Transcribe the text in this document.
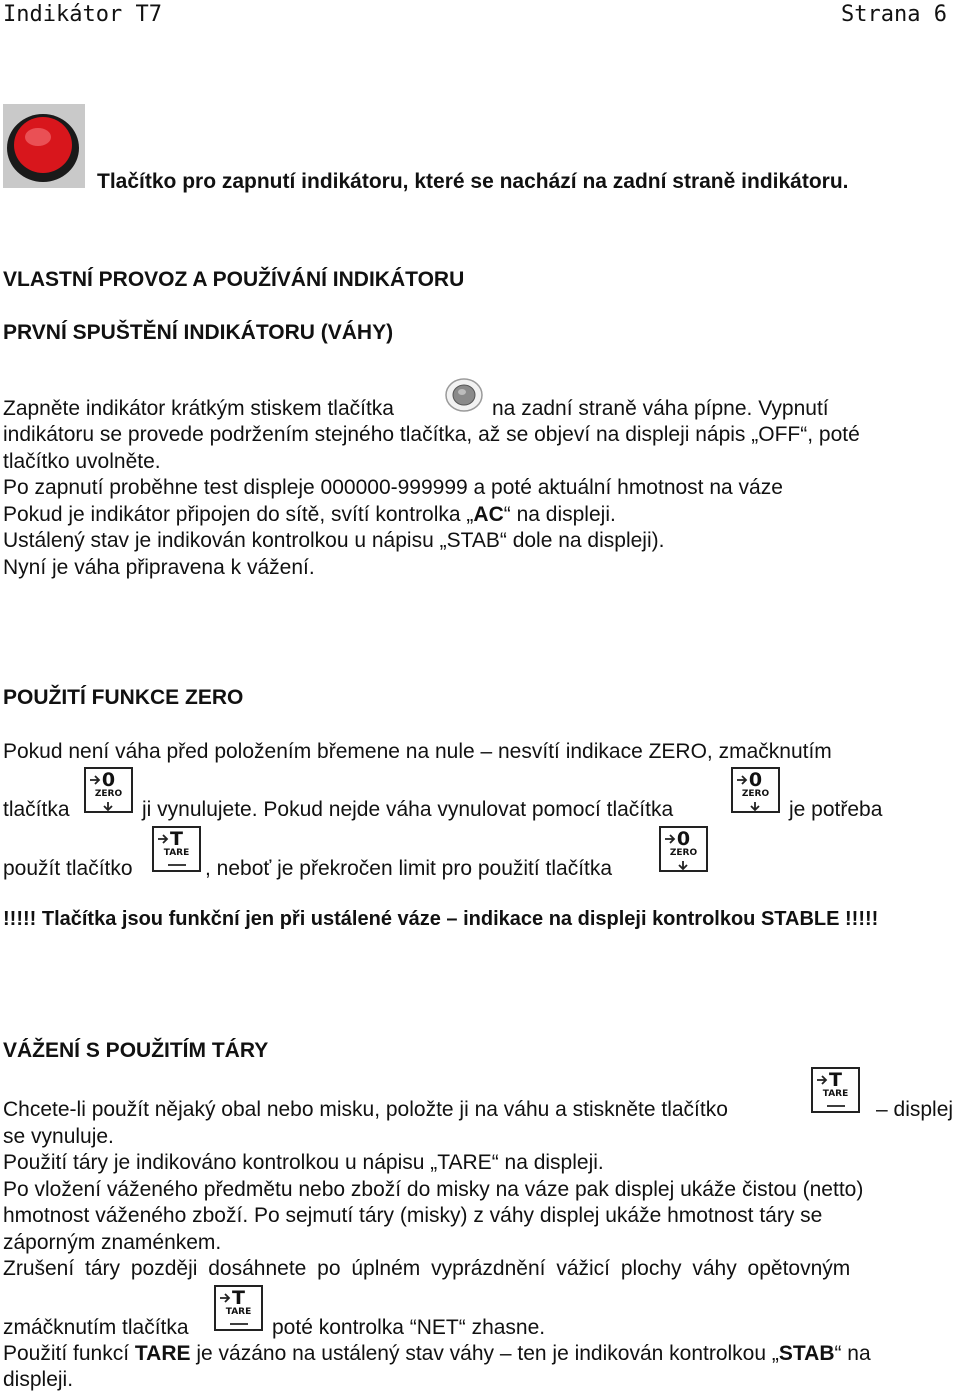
Indikátor T7	Strana 6
Tlačítko pro zapnutí indikátoru, které se nachází na zadní straně indikátoru.
VLASTNÍ PROVOZ A POUŽÍVÁNÍ INDIKÁTORU
PRVNÍ SPUŠTĚNÍ INDIKÁTORU (VÁHY)
Zapněte indikátor krátkým stiskem tlačítka	na zadní straně váha pípne. Vypnutí
indikátoru se provede podržením stejného tlačítka, až se objeví na displeji nápis „OFF“, poté
tlačítko uvolněte.
Po zapnutí proběhne test displeje 000000-999999 a poté aktuální hmotnost na váze
Pokud je indikátor připojen do sítě, svítí kontrolka „AC“ na displeji.
Ustálený stav je indikován kontrolkou u nápisu „STAB“ dole na displeji).
Nyní je váha připravena k vážení.
POUŽITÍ FUNKCE ZERO
Pokud není váha před položením břemene na nule – nesvítí indikace ZERO, zmačknutím
tlačítka
0
ZERO
ji vynulujete. Pokud nejde váha vynulovat pomocí tlačítka
0
ZERO
je potřeba
použít tlačítko
T
TARE
, neboť je překročen limit pro použití tlačítka
0
ZERO
!!!!! Tlačítka jsou funkční jen při ustálené váze – indikace na displeji kontrolkou STABLE !!!!!
VÁŽENÍ S POUŽITÍM TÁRY
Chcete-li použít nějaký obal nebo misku, položte ji na váhu a stiskněte tlačítko
T
TARE
– displej
se vynuluje.
Použití táry je indikováno kontrolkou u nápisu „TARE“ na displeji.
Po vložení váženého předmětu nebo zboží do misky na váze pak displej ukáže čistou (netto)
hmotnost váženého zboží. Po sejmutí táry (misky) z váhy displej ukáže hmotnost táry se
záporným znaménkem.
Zrušení táry později dosáhnete po úplném vyprázdnění vážicí plochy váhy opětovným
zmáčknutím tlačítka
T
TARE
poté kontrolka “NET“ zhasne.
Použití funkcí TARE je vázáno na ustálený stav váhy – ten je indikován kontrolkou „STAB“ na
displeji.
